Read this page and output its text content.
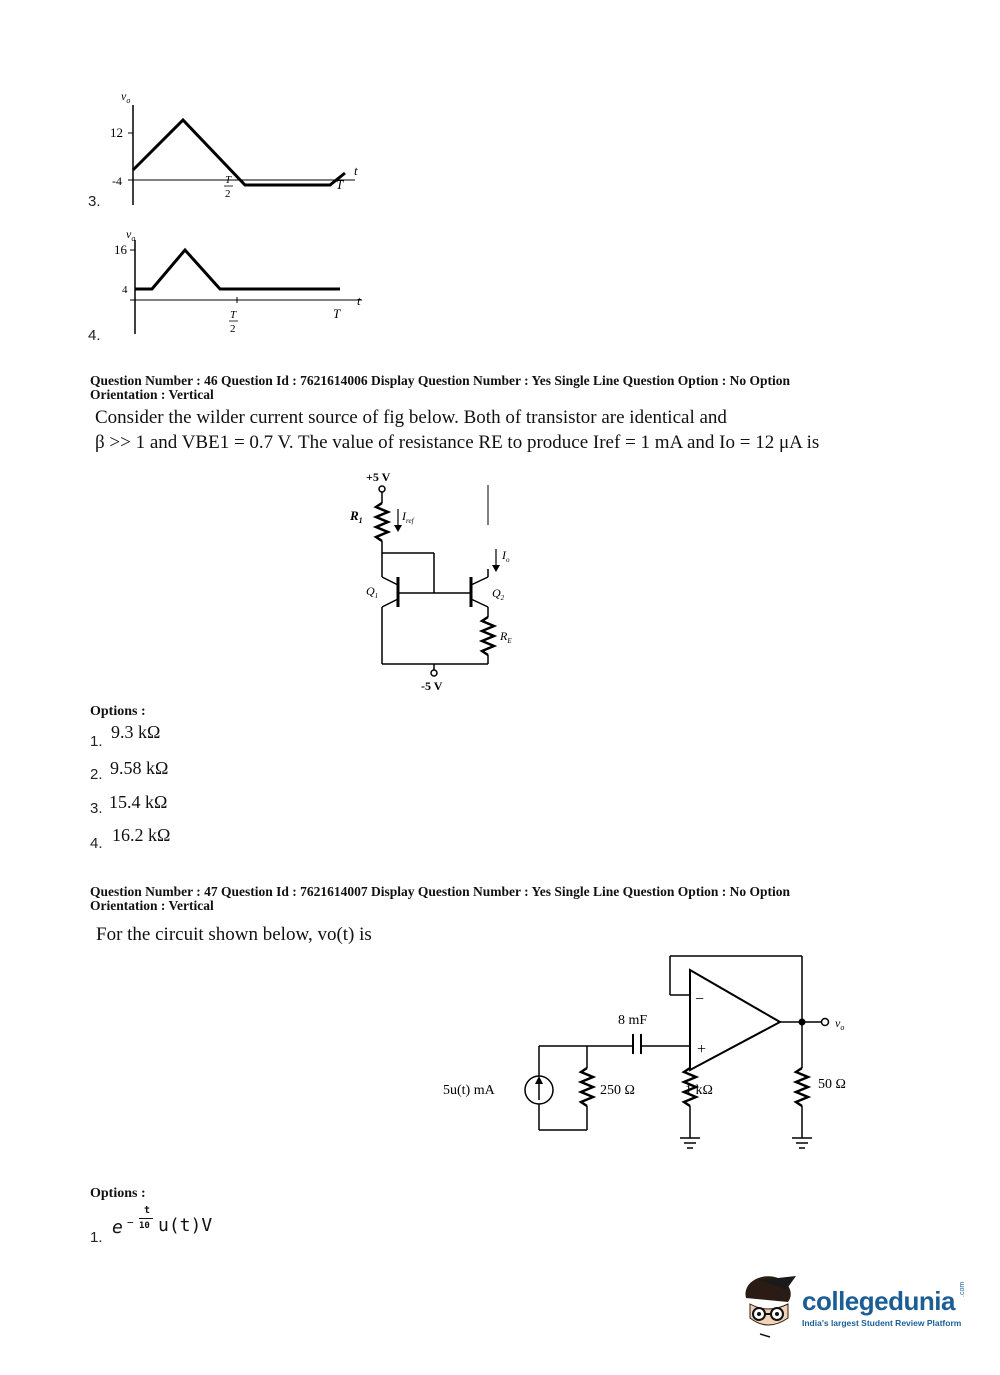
3.
$v_o$
12
-4	T
2
T
t
4.
$v_o$
16
4
T
2
T
t
Question Number : 46 Question Id : 7621614006 Display Question Number : Yes Single Line Question Option : No Option
Orientation : Vertical
Consider the wilder current source of fig below. Both of transistor are identical and
β >> 1 and VBE1 = 0.7 V. The value of resistance RE to produce Iref = 1 mA and Io = 12 μA is
+5 V
$R_1$	$I_{ref}$
$Q_1$	$Q_2$
$I_o$
$R_E$
-5 V
Options :
1. 9.3 kΩ
2. 9.58 kΩ
3. 15.4 kΩ
4. 16.2 kΩ
Question Number : 47 Question Id : 7621614007 Display Question Number : Yes Single Line Question Option : No Option
Orientation : Vertical
For the circuit shown below, vo(t) is
5u(t) mA	250 Ω
8 mF
1 kΩ
−
+
$v_o$
50 Ω
Options :
1. e −
t
10 u(t)V
collegedunia .com
India's largest Student Review Platform
